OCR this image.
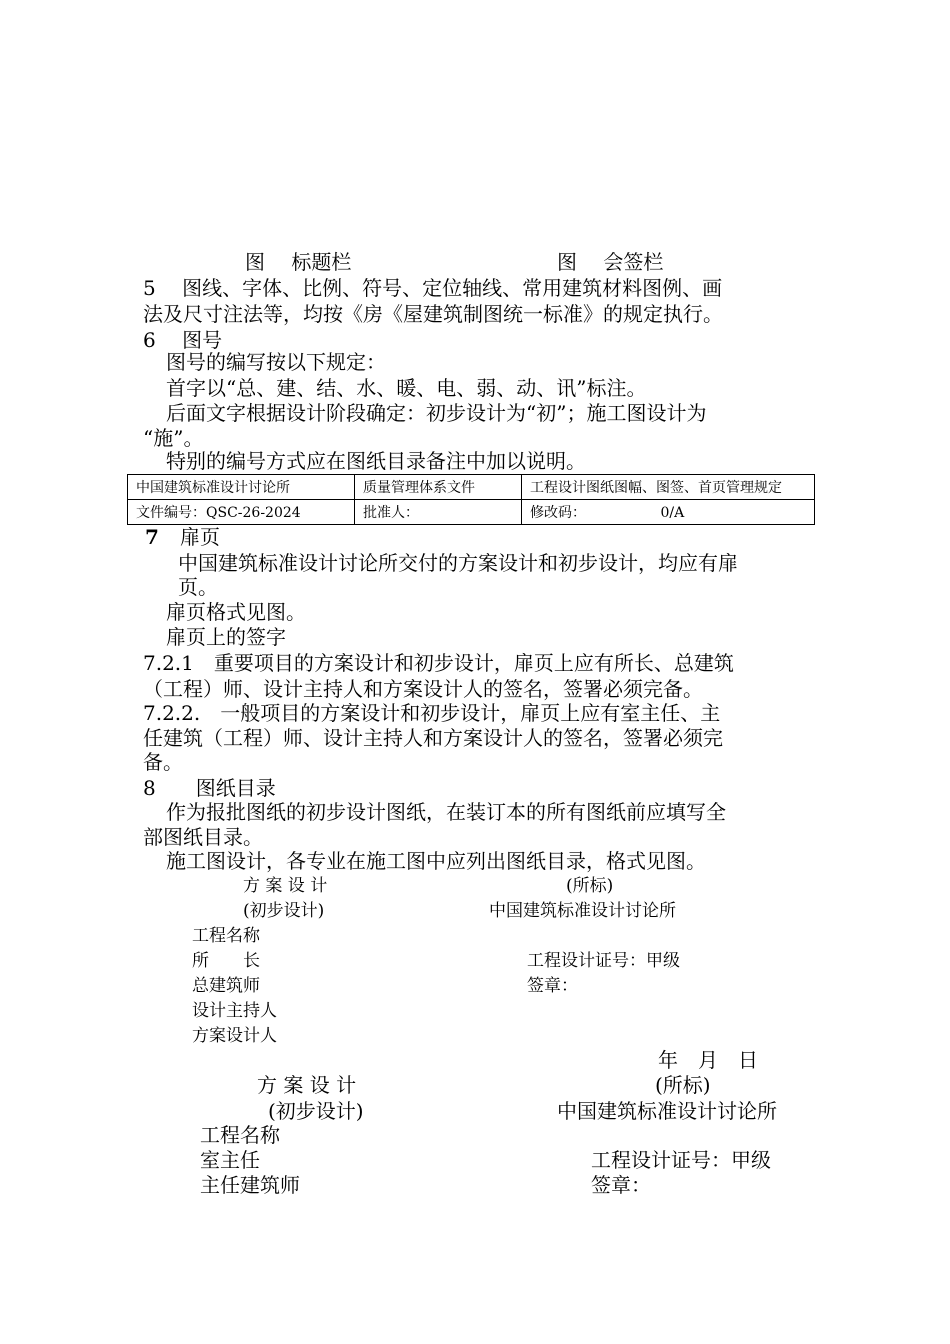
图　 标题栏	图　 会签栏
5　 图线、字体、比例、符号、定位轴线、常用建筑材料图例、画
法及尺寸注法等，均按《房《屋建筑制图统一标准》的规定执行。
6　 图号
图号的编写按以下规定：
首字以“总、建、结、水、暖、电、弱、动、讯”标注。
后面文字根据设计阶段确定：初步设计为“初”；施工图设计为
“施”。
特别的编号方式应在图纸目录备注中加以说明。
中国建筑标准设计讨论所	质量管理体系文件	工程设计图纸图幅、图签、首页管理规定
文件编号：QSC-26-2024	批准人：	修改码： 0/A
7 扉页
中国建筑标准设计讨论所交付的方案设计和初步设计，均应有扉
页。
扉页格式见图。
扉页上的签字
7.2.1　重要项目的方案设计和初步设计，扉页上应有所长、总建筑
（工程）师、设计主持人和方案设计人的签名，签署必须完备。
7.2.2.　一般项目的方案设计和初步设计，扉页上应有室主任、主
任建筑（工程）师、设计主持人和方案设计人的签名，签署必须完
备。
8　　图纸目录
作为报批图纸的初步设计图纸，在装订本的所有图纸前应填写全
部图纸目录。
施工图设计，各专业在施工图中应列出图纸目录，格式见图。
方 案 设 计	(所标)
(初步设计)	中国建筑标准设计讨论所
工程名称
所　　长	工程设计证号：甲级
总建筑师	签章：
设计主持人
方案设计人
年　月　日
方 案 设 计	(所标)
(初步设计)	中国建筑标准设计讨论所
工程名称
室主任	工程设计证号：甲级
主任建筑师	签章：
